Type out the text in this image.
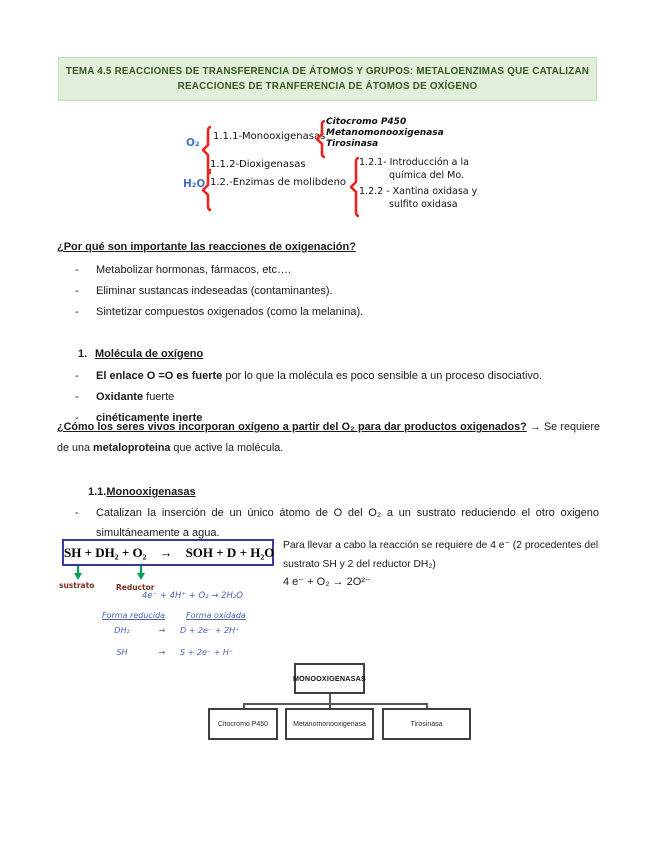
TEMA 4.5 REACCIONES DE TRANSFERENCIA DE ÁTOMOS Y GRUPOS: METALOENZIMAS QUE CATALIZAN
REACCIONES DE TRANFERENCIA DE ÁTOMOS DE OXÍGENO
O₂
1.1.1-Monooxigenasas
1.1.2-Dioxigenasas
H₂O 1.2.-Enzimas de molibdeno
Citocromo P450
Metanomonooxigenasa
Tirosinasa
1.2.1- Introducción a la
química del Mo.
1.2.2 - Xantina oxidasa y
sulfito oxidasa
¿Por qué son importante las reacciones de oxigenación?
-	Metabolizar hormonas, fármacos, etc….
-	Eliminar sustancas indeseadas (contaminantes).
-	Sintetizar compuestos oxigenados (como la melanina).
1. Molécula de oxígeno
-	El enlace O =O es fuerte por lo que la molécula es poco sensible a un proceso disociativo.
-	Oxidante fuerte
-	cinéticamente inerte
¿Cómo los seres vivos incorporan oxígeno a partir del O₂ para dar productos oxigenados? → Se requiere de una metaloproteina que active la molécula.
1.1.Monooxigenasas
-	Catalizan la inserción de un único átomo de O del O₂ a un sustrato reduciendo el otro oxigeno simultáneamente a agua.
SH + DH₂ + O₂    →    SOH + D + H₂O
sustrato	Reductor
4e⁻ + 4H⁺ + O₂ → 2H₂O
Forma reducida	Forma oxidada
DH₂	→	D + 2e⁻ + 2H⁺
SH	→	S + 2e⁻ + H⁺
Para llevar a cabo la reacción se requiere de 4 e⁻ (2 procedentes del
sustrato SH y 2 del reductor DH₂)
4 e⁻ + O₂ → 2O²⁻
MONOOXIGENASAS
Citocromo P450	Metanomonooxigenasa	Tirosinasa
